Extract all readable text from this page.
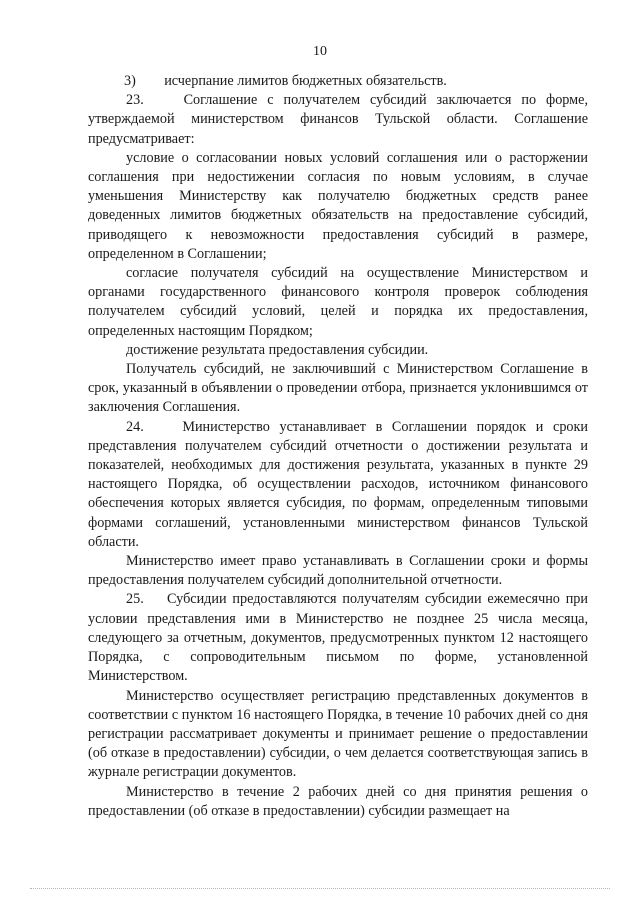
10

3)        исчерпание лимитов бюджетных обязательств.

23.    Соглашение с получателем субсидий заключается по форме, утверждаемой министерством финансов Тульской области. Соглашение предусматривает:

условие о согласовании новых условий соглашения или о расторжении соглашения при недостижении согласия по новым условиям, в случае уменьшения Министерству как получателю бюджетных средств ранее доведенных лимитов бюджетных обязательств на предоставление субсидий, приводящего к невозможности предоставления субсидий в размере, определенном в Соглашении;

согласие получателя субсидий на осуществление Министерством и органами государственного финансового контроля проверок соблюдения получателем субсидий условий, целей и порядка их предоставления, определенных настоящим Порядком;

достижение результата предоставления субсидии.

Получатель субсидий, не заключивший с Министерством Соглашение в срок, указанный в объявлении о проведении отбора, признается уклонившимся от заключения Соглашения.

24.    Министерство устанавливает в Соглашении порядок и сроки представления получателем субсидий отчетности о достижении результата и показателей, необходимых для достижения результата, указанных в пункте 29 настоящего Порядка, об осуществлении расходов, источником финансового обеспечения которых является субсидия, по формам, определенным типовыми формами соглашений, установленными министерством финансов Тульской области.

Министерство имеет право устанавливать в Соглашении сроки и формы предоставления получателем субсидий дополнительной отчетности.

25.    Субсидии предоставляются получателям субсидии ежемесячно при условии представления ими в Министерство не позднее 25 числа месяца, следующего за отчетным, документов, предусмотренных пунктом 12 настоящего Порядка, с сопроводительным письмом по форме, установленной Министерством.

Министерство осуществляет регистрацию представленных документов в соответствии с пунктом 16 настоящего Порядка, в течение 10 рабочих дней со дня регистрации рассматривает документы и принимает решение о предоставлении (об отказе в предоставлении) субсидии, о чем делается соответствующая запись в журнале регистрации документов.

Министерство в течение 2 рабочих дней со дня принятия решения о предоставлении (об отказе в предоставлении) субсидии размещает на
